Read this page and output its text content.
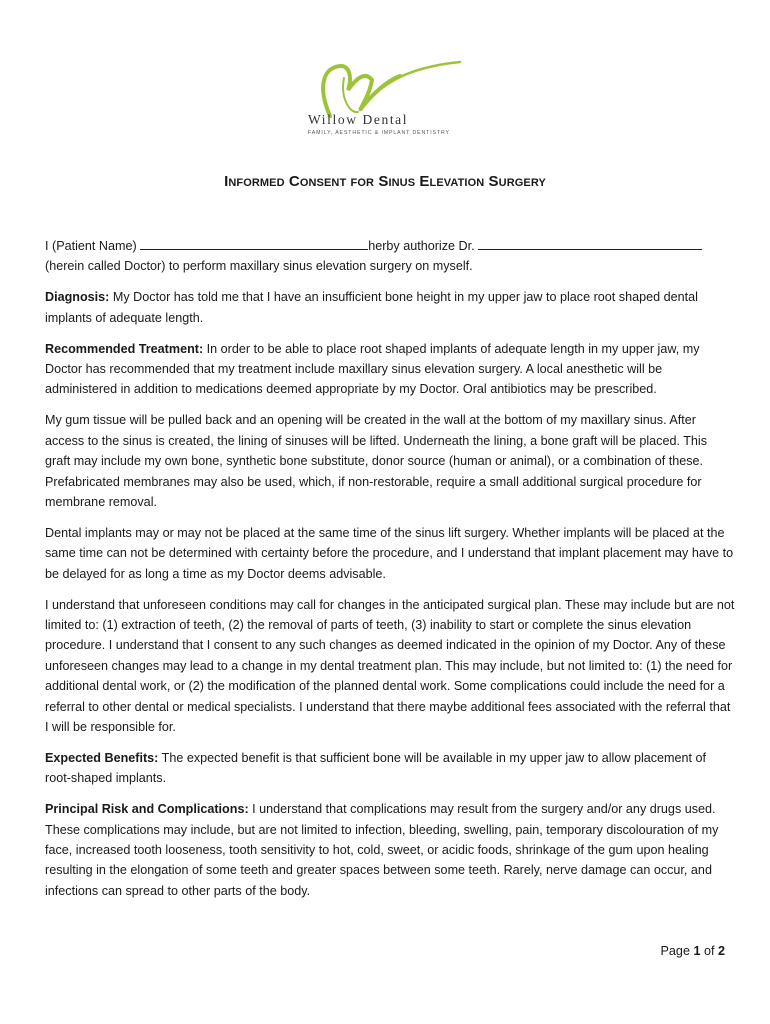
Willow Dental
FAMILY, AESTHETIC & IMPLANT DENTISTRY
Informed Consent for Sinus Elevation Surgery

I (Patient Name)	herby authorize Dr.
(herein called Doctor) to perform maxillary sinus elevation surgery on myself.

Diagnosis: My Doctor has told me that I have an insufficient bone height in my upper jaw to place root shaped dental implants of adequate length.

Recommended Treatment: In order to be able to place root shaped implants of adequate length in my upper jaw, my Doctor has recommended that my treatment include maxillary sinus elevation surgery. A local anesthetic will be administered in addition to medications deemed appropriate by my Doctor. Oral antibiotics may be prescribed.

My gum tissue will be pulled back and an opening will be created in the wall at the bottom of my maxillary sinus. After access to the sinus is created, the lining of sinuses will be lifted. Underneath the lining, a bone graft will be placed. This graft may include my own bone, synthetic bone substitute, donor source (human or animal), or a combination of these. Prefabricated membranes may also be used, which, if non-restorable, require a small additional surgical procedure for membrane removal.

Dental implants may or may not be placed at the same time of the sinus lift surgery. Whether implants will be placed at the same time can not be determined with certainty before the procedure, and I understand that implant placement may have to be delayed for as long a time as my Doctor deems advisable.

I understand that unforeseen conditions may call for changes in the anticipated surgical plan. These may include but are not limited to: (1) extraction of teeth, (2) the removal of parts of teeth, (3) inability to start or complete the sinus elevation procedure. I understand that I consent to any such changes as deemed indicated in the opinion of my Doctor. Any of these unforeseen changes may lead to a change in my dental treatment plan. This may include, but not limited to: (1) the need for additional dental work, or (2) the modification of the planned dental work. Some complications could include the need for a referral to other dental or medical specialists. I understand that there maybe additional fees associated with the referral that I will be responsible for.

Expected Benefits: The expected benefit is that sufficient bone will be available in my upper jaw to allow placement of root-shaped implants.

Principal Risk and Complications: I understand that complications may result from the surgery and/or any drugs used. These complications may include, but are not limited to infection, bleeding, swelling, pain, temporary discolouration of my face, increased tooth looseness, tooth sensitivity to hot, cold, sweet, or acidic foods, shrinkage of the gum upon healing resulting in the elongation of some teeth and greater spaces between some teeth. Rarely, nerve damage can occur, and infections can spread to other parts of the body.

Page 1 of 2
